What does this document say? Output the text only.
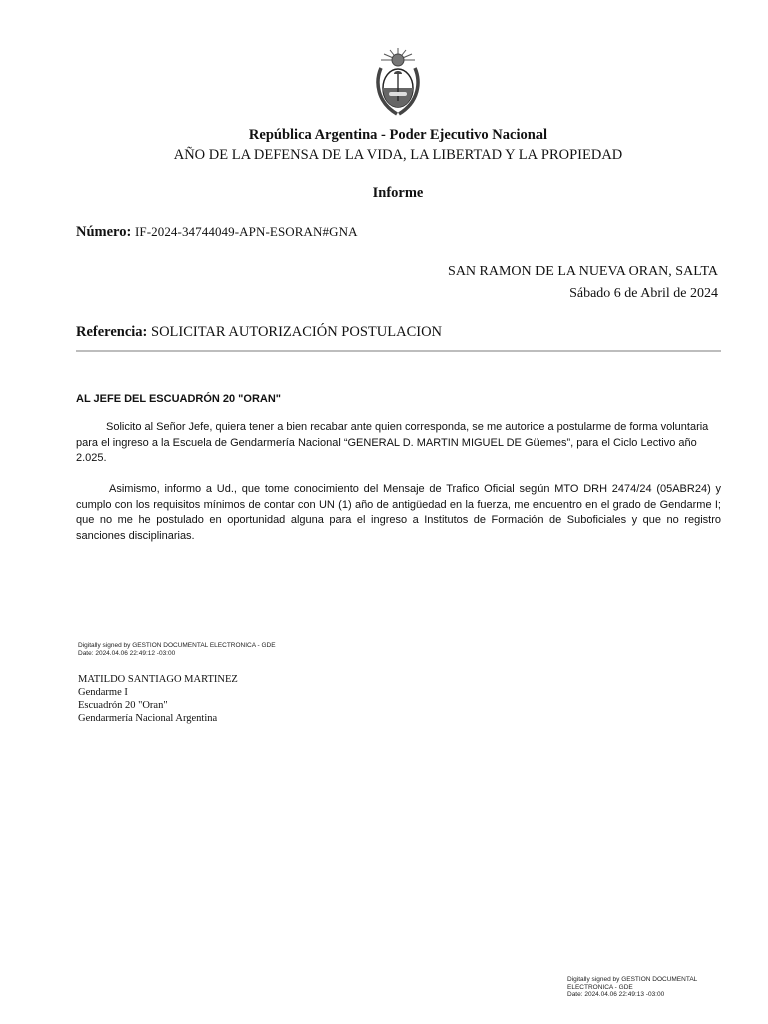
República Argentina - Poder Ejecutivo Nacional
AÑO DE LA DEFENSA DE LA VIDA, LA LIBERTAD Y LA PROPIEDAD
Informe
Número: IF-2024-34744049-APN-ESORAN#GNA
SAN RAMON DE LA NUEVA ORAN, SALTA
Sábado 6 de Abril de 2024
Referencia: SOLICITAR AUTORIZACIÓN POSTULACION
AL JEFE DEL ESCUADRÓN 20 "ORAN"
Solicito al Señor Jefe, quiera tener a bien recabar ante quien corresponda, se me autorice a postularme de forma voluntaria para el ingreso a la Escuela de Gendarmería Nacional “GENERAL D. MARTIN MIGUEL DE Güemes”, para el Ciclo Lectivo año 2.025.
Asimismo, informo a Ud., que tome conocimiento del Mensaje de Trafico Oficial según MTO DRH 2474/24 (05ABR24) y cumplo con los requisitos mínimos de contar con UN (1) año de antigüedad en la fuerza, me encuentro en el grado de Gendarme I; que no me he postulado en oportunidad alguna para el ingreso a Institutos de Formación de Suboficiales y que no registro sanciones disciplinarias.
Digitally signed by GESTION DOCUMENTAL ELECTRONICA - GDE
Date: 2024.04.06 22:49:12 -03:00
MATILDO SANTIAGO MARTINEZ
Gendarme I
Escuadrón 20 "Oran"
Gendarmería Nacional Argentina
Digitally signed by GESTION DOCUMENTAL
ELECTRONICA - GDE
Date: 2024.04.06 22:49:13 -03:00
